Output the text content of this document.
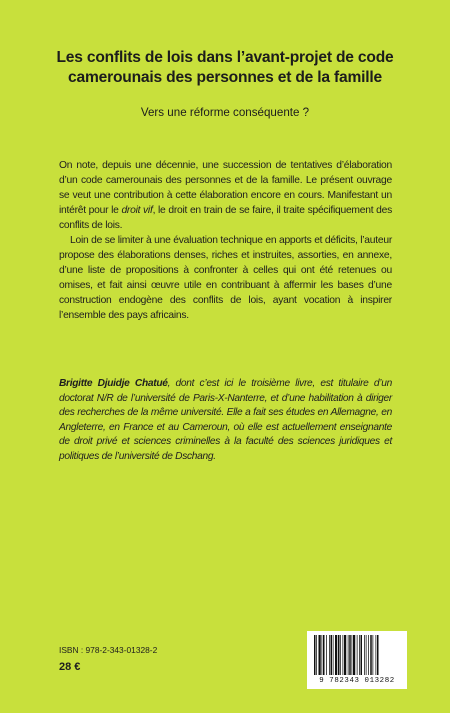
Les conflits de lois dans l’avant-projet de code
camerounais des personnes et de la famille
Vers une réforme conséquente ?

On note, depuis une décennie, une succession de tentatives d’élaboration d’un code camerounais des personnes et de la famille. Le présent ouvrage se veut une contribution à cette élaboration encore en cours. Manifestant un intérêt pour le droit vif, le droit en train de se faire, il traite spécifiquement des conflits de lois.

Loin de se limiter à une évaluation technique en apports et déficits, l’auteur propose des élaborations denses, riches et instruites, assorties, en annexe, d’une liste de propositions à confronter à celles qui ont été retenues ou omises, et fait ainsi œuvre utile en contribuant à affermir les bases d’une construction endogène des conflits de lois, ayant vocation à inspirer l’ensemble des pays africains.

Brigitte Djuidje Chatué, dont c’est ici le troisième livre, est titulaire d’un doctorat N/R de l’université de Paris-X-Nanterre, et d’une habilitation à diriger des recherches de la même université. Elle a fait ses études en Allemagne, en Angleterre, en France et au Cameroun, où elle est actuellement enseignante de droit privé et sciences criminelles à la faculté des sciences juridiques et politiques de l’université de Dschang.
ISBN : 978-2-343-01328-2
28 €
9 782343 013282
